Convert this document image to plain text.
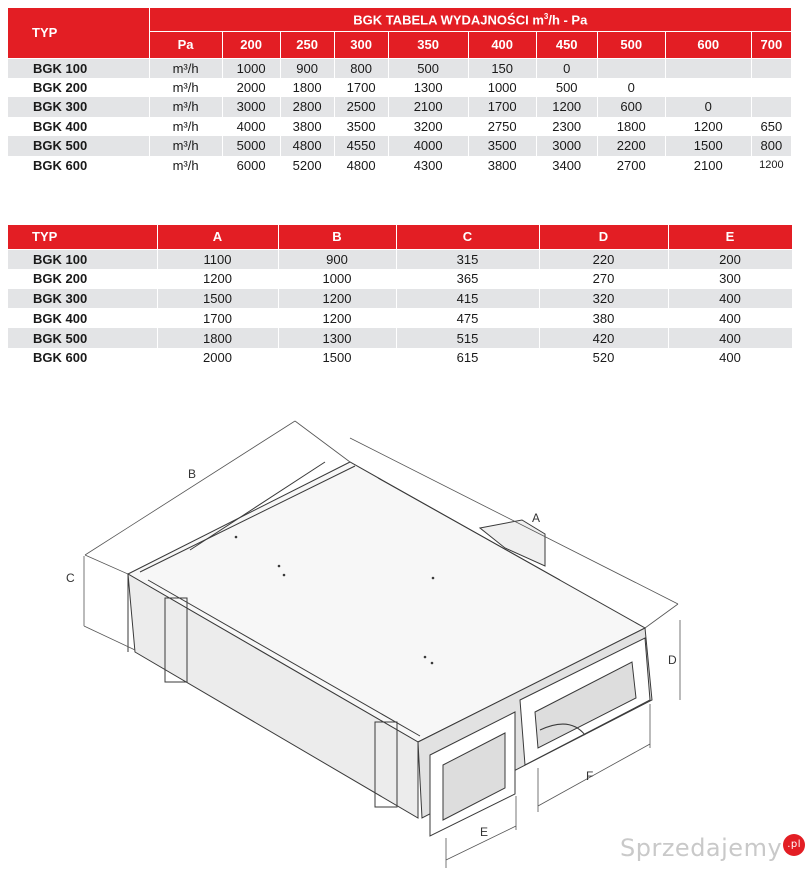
TYP	BGK TABELA WYDAJNOŚCI $m^3/h$ - Pa									
	Pa	200	250	300	350	400	450	500	600	700
BGK 100	m³/h	1000	900	800	500	150	0			
BGK 200	m³/h	2000	1800	1700	1300	1000	500	0		
BGK 300	m³/h	3000	2800	2500	2100	1700	1200	600	0	
BGK 400	m³/h	4000	3800	3500	3200	2750	2300	1800	1200	650
BGK 500	m³/h	5000	4800	4550	4000	3500	3000	2200	1500	800
BGK 600	m³/h	6000	5200	4800	4300	3800	3400	2700	2100	1200
TYP	A	B	C	D	E
BGK 100	1100	900	315	220	200
BGK 200	1200	1000	365	270	300
BGK 300	1500	1200	415	320	400
BGK 400	1700	1200	475	380	400
BGK 500	1800	1300	515	420	400
BGK 600	2000	1500	615	520	400
B
A
C
D
E
F
Sprzedajemy .pl
